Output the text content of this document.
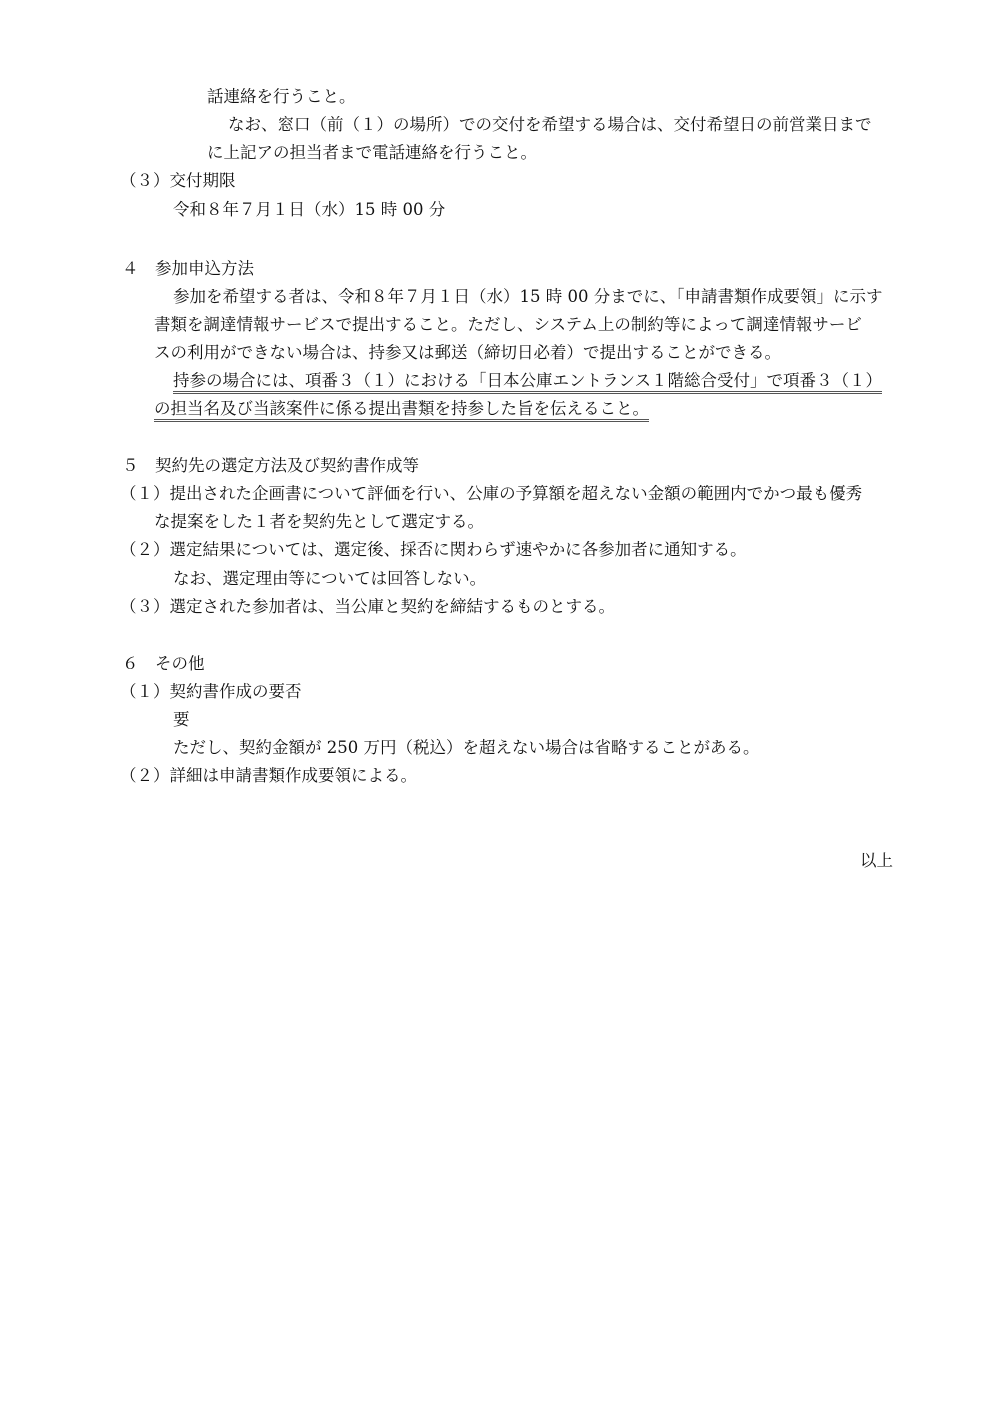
話連絡を行うこと。
なお、窓口（前（１）の場所）での交付を希望する場合は、交付希望日の前営業日まで
に上記アの担当者まで電話連絡を行うこと。
（３）交付期限
令和８年７月１日（水）15 時 00 分
４　参加申込方法
参加を希望する者は、令和８年７月１日（水）15 時 00 分までに、「申請書類作成要領」に示す
書類を調達情報サービスで提出すること。ただし、システム上の制約等によって調達情報サービ
スの利用ができない場合は、持参又は郵送（締切日必着）で提出することができる。
持参の場合には、項番３（１）における「日本公庫エントランス１階総合受付」で項番３（１）
の担当名及び当該案件に係る提出書類を持参した旨を伝えること。
５　契約先の選定方法及び契約書作成等
（１）提出された企画書について評価を行い、公庫の予算額を超えない金額の範囲内でかつ最も優秀
な提案をした１者を契約先として選定する。
（２）選定結果については、選定後、採否に関わらず速やかに各参加者に通知する。
なお、選定理由等については回答しない。
（３）選定された参加者は、当公庫と契約を締結するものとする。
６　その他
（１）契約書作成の要否
要
ただし、契約金額が 250 万円（税込）を超えない場合は省略することがある。
（２）詳細は申請書類作成要領による。
以上
